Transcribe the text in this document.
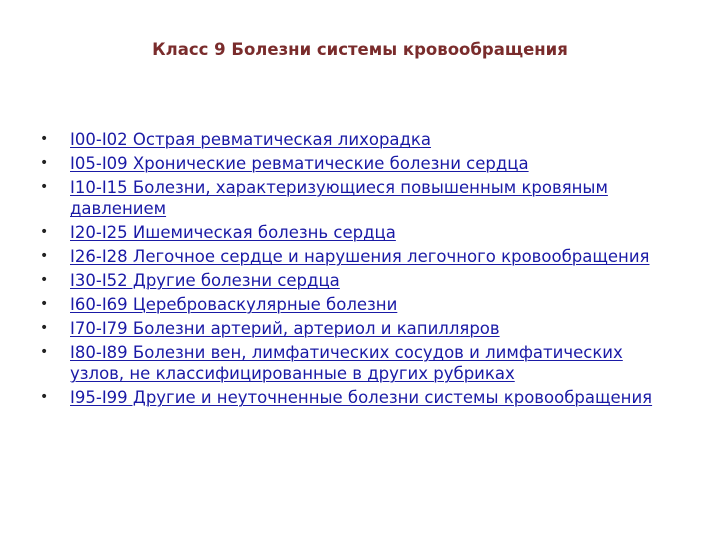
Класс 9 Болезни системы кровообращения
• I00-I02 Острая ревматическая лихорадка
• I05-I09 Хронические ревматические болезни сердца
• I10-I15 Болезни, характеризующиеся повышенным кровяным давлением
• I20-I25 Ишемическая болезнь сердца
• I26-I28 Легочное сердце и нарушения легочного кровообращения
• I30-I52 Другие болезни сердца
• I60-I69 Цереброваскулярные болезни
• I70-I79 Болезни артерий, артериол и капилляров
• I80-I89 Болезни вен, лимфатических сосудов и лимфатических узлов, не классифицированные в других рубриках
• I95-I99 Другие и неуточненные болезни системы кровообращения
